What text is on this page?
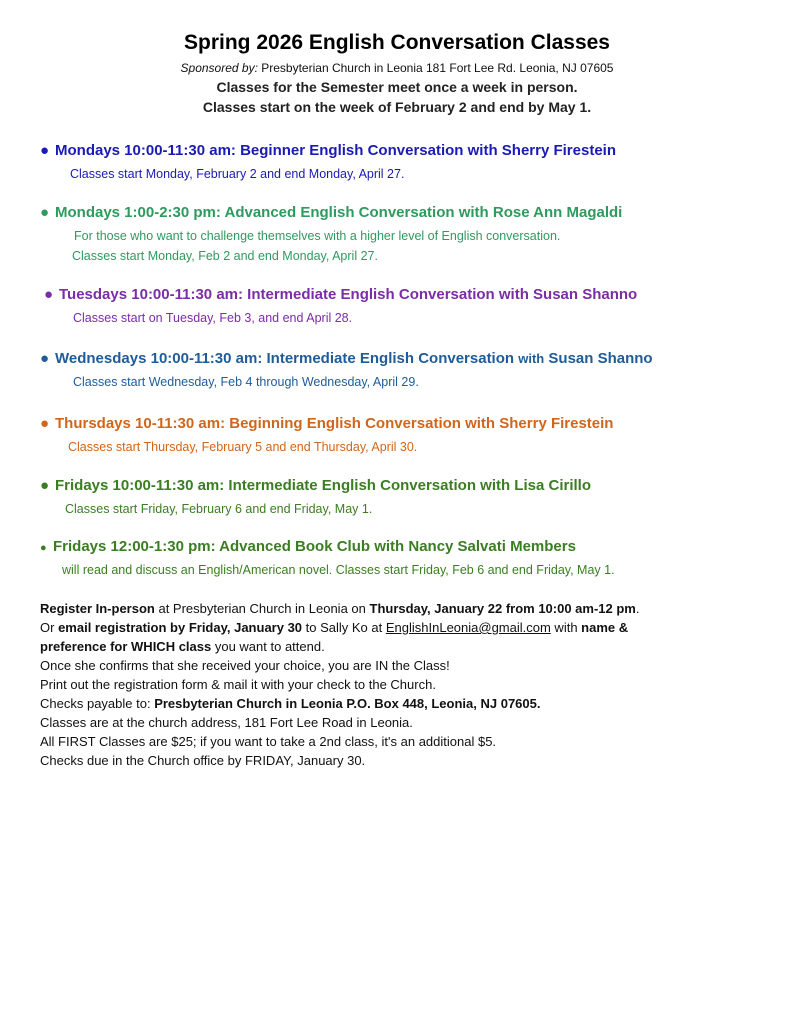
Spring 2026 English Conversation Classes
Sponsored by: Presbyterian Church in Leonia 181 Fort Lee Rd. Leonia, NJ 07605
Classes for the Semester meet once a week in person.
Classes start on the week of February 2 and end by May 1.
● Mondays 10:00-11:30 am: Beginner English Conversation with Sherry Firestein
Classes start Monday, February 2 and end Monday, April 27.
● Mondays 1:00-2:30 pm: Advanced English Conversation with Rose Ann Magaldi
For those who want to challenge themselves with a higher level of English conversation.
Classes start Monday, Feb 2 and end Monday, April 27.
● Tuesdays 10:00-11:30 am: Intermediate English Conversation with Susan Shanno
Classes start on Tuesday, Feb 3, and end April 28.
● Wednesdays 10:00-11:30 am: Intermediate English Conversation with Susan Shanno
Classes start Wednesday, Feb 4 through Wednesday, April 29.
● Thursdays 10-11:30 am: Beginning English Conversation with Sherry Firestein
Classes start Thursday, February 5 and end Thursday, April 30.
● Fridays 10:00-11:30 am: Intermediate English Conversation with Lisa Cirillo
Classes start Friday, February 6 and end Friday, May 1.
● Fridays 12:00-1:30 pm: Advanced Book Club with Nancy Salvati Members
will read and discuss an English/American novel. Classes start Friday, Feb 6 and end Friday, May 1.
Register In-person at Presbyterian Church in Leonia on Thursday, January 22 from 10:00 am-12 pm.
Or email registration by Friday, January 30 to Sally Ko at EnglishInLeonia@gmail.com with name &
preference for WHICH class you want to attend.
Once she confirms that she received your choice, you are IN the Class!
Print out the registration form & mail it with your check to the Church.
Checks payable to: Presbyterian Church in Leonia P.O. Box 448, Leonia, NJ 07605.
Classes are at the church address, 181 Fort Lee Road in Leonia.
All FIRST Classes are $25; if you want to take a 2nd class, it's an additional $5.
Checks due in the Church office by FRIDAY, January 30.
